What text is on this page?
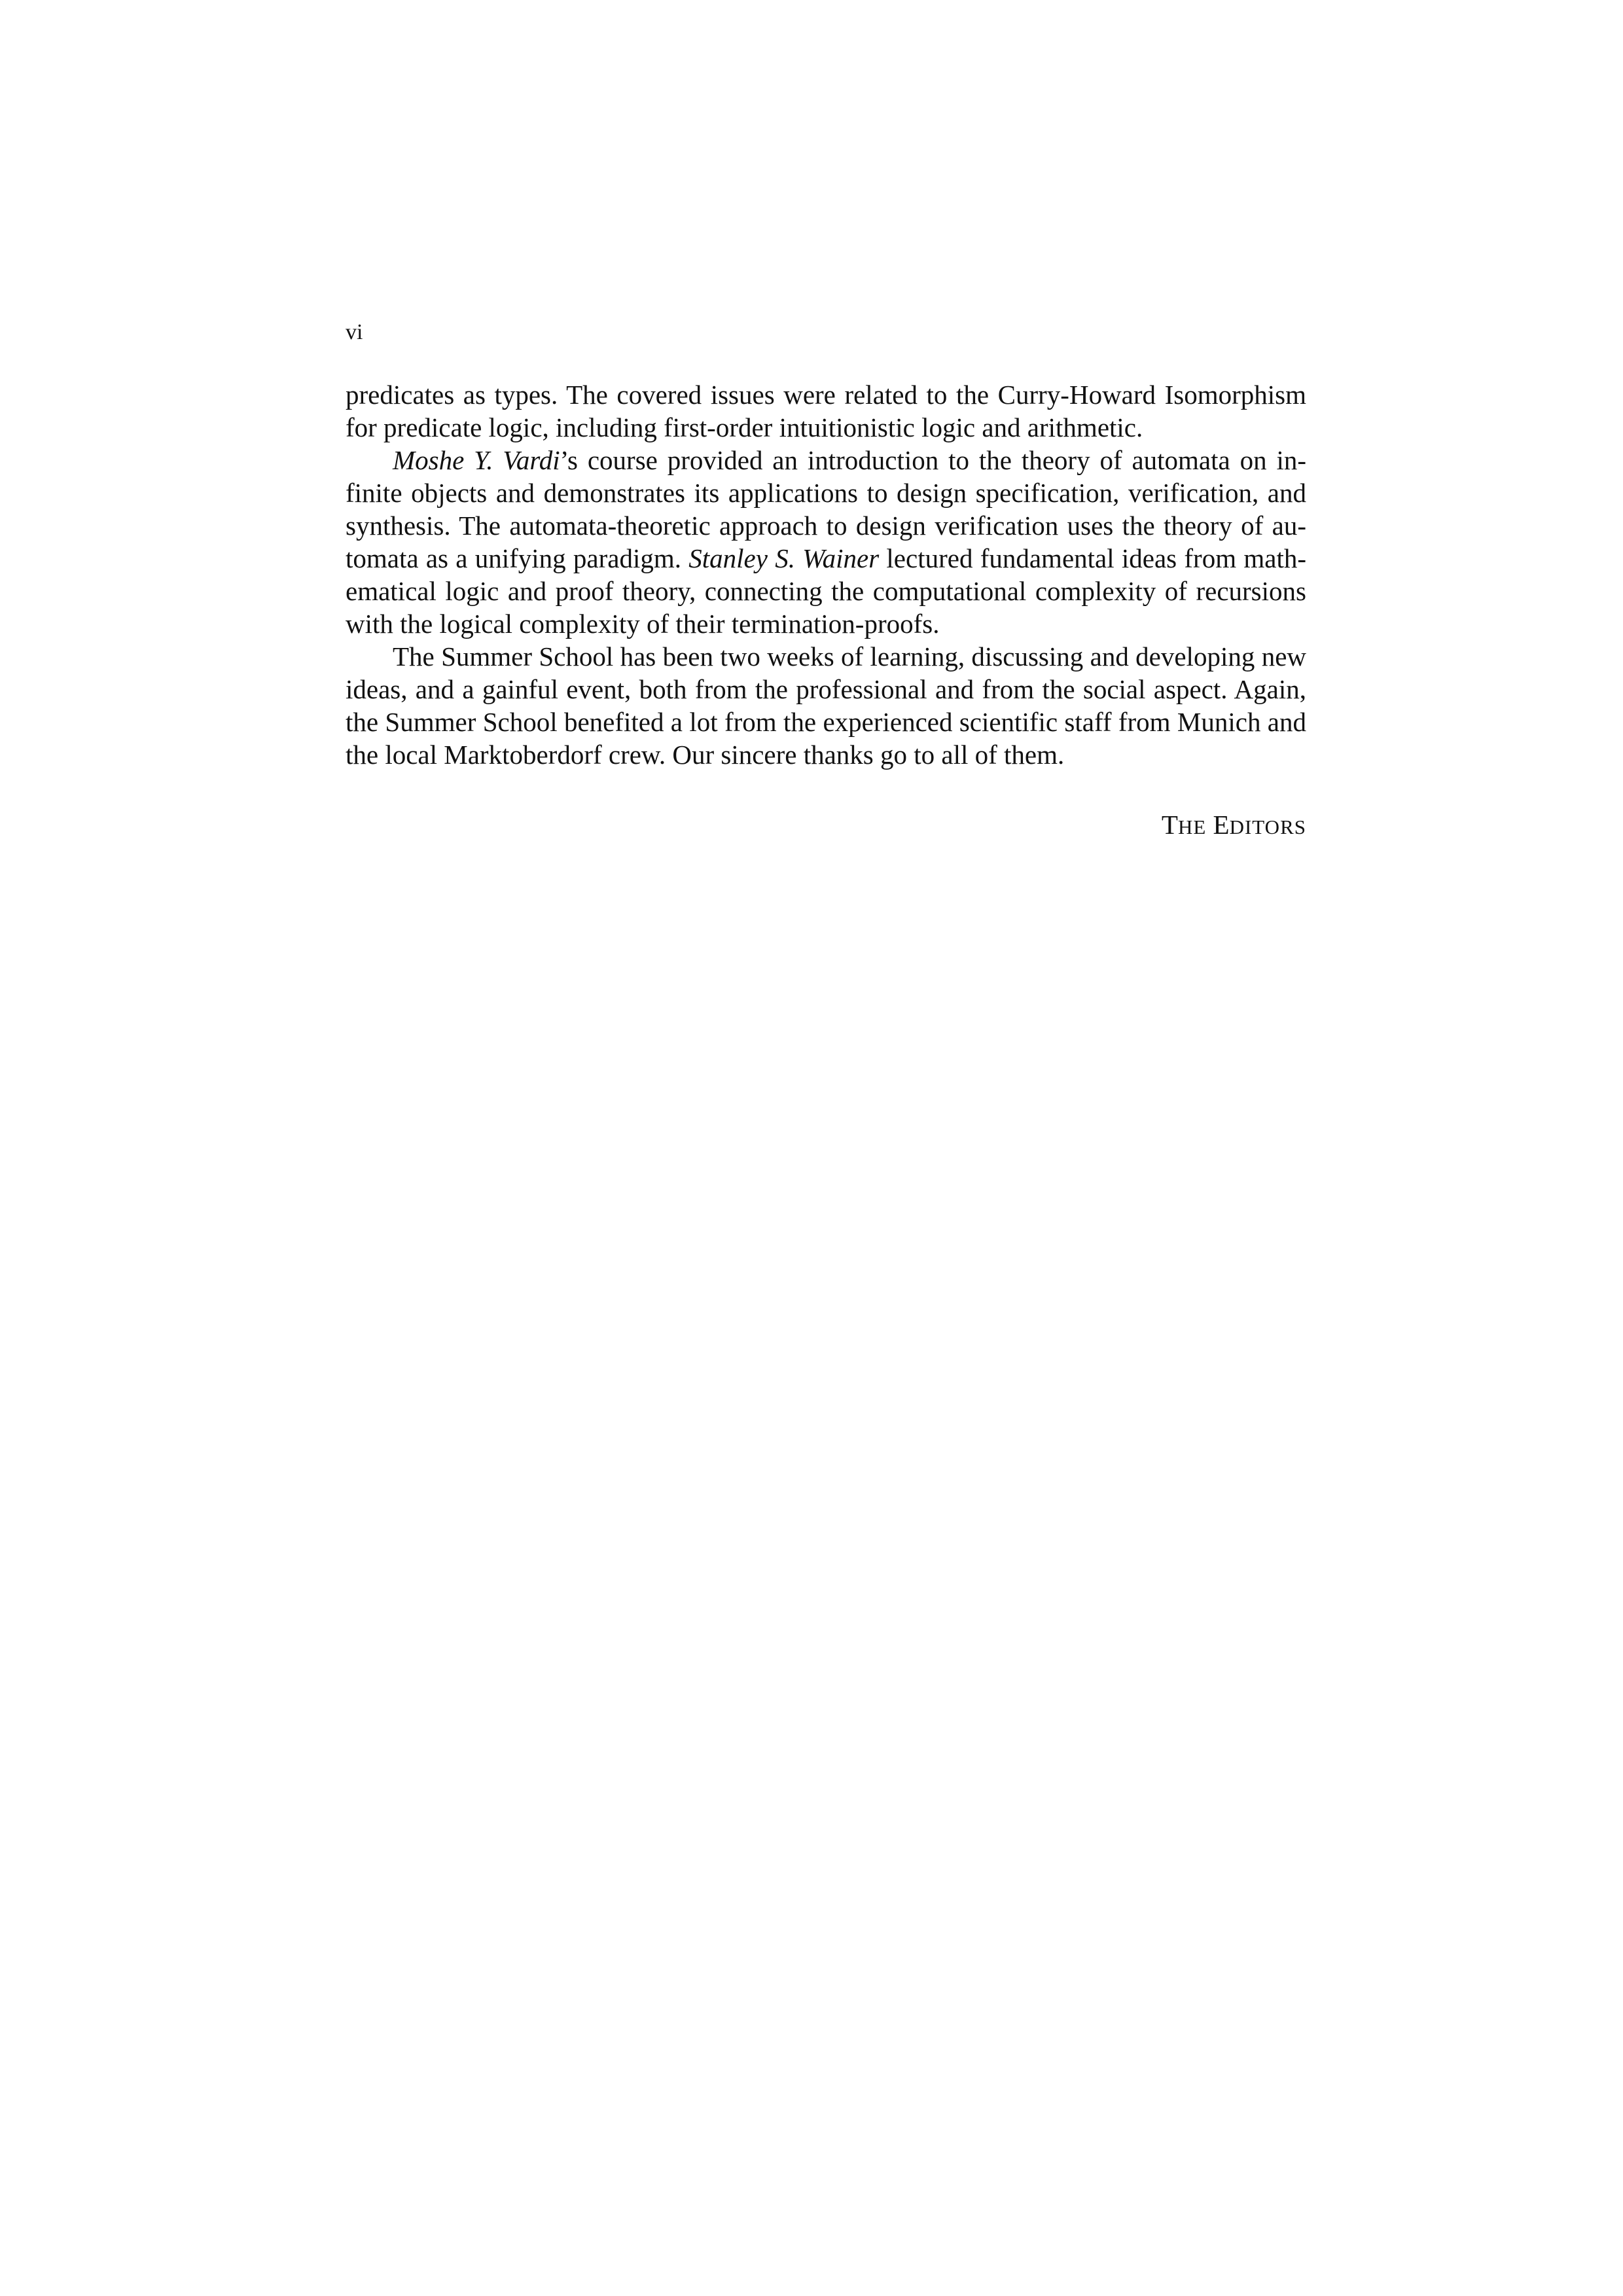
vi
predicates as types. The covered issues were related to the Curry-Howard Isomorphism
for predicate logic, including first-order intuitionistic logic and arithmetic.
Moshe Y. Vardi’s course provided an introduction to the theory of automata on in-
finite objects and demonstrates its applications to design specification, verification, and
synthesis. The automata-theoretic approach to design verification uses the theory of au-
tomata as a unifying paradigm. Stanley S. Wainer lectured fundamental ideas from math-
ematical logic and proof theory, connecting the computational complexity of recursions
with the logical complexity of their termination-proofs.
The Summer School has been two weeks of learning, discussing and developing new
ideas, and a gainful event, both from the professional and from the social aspect. Again,
the Summer School benefited a lot from the experienced scientific staff from Munich and
the local Marktoberdorf crew. Our sincere thanks go to all of them.
THE EDITORS
